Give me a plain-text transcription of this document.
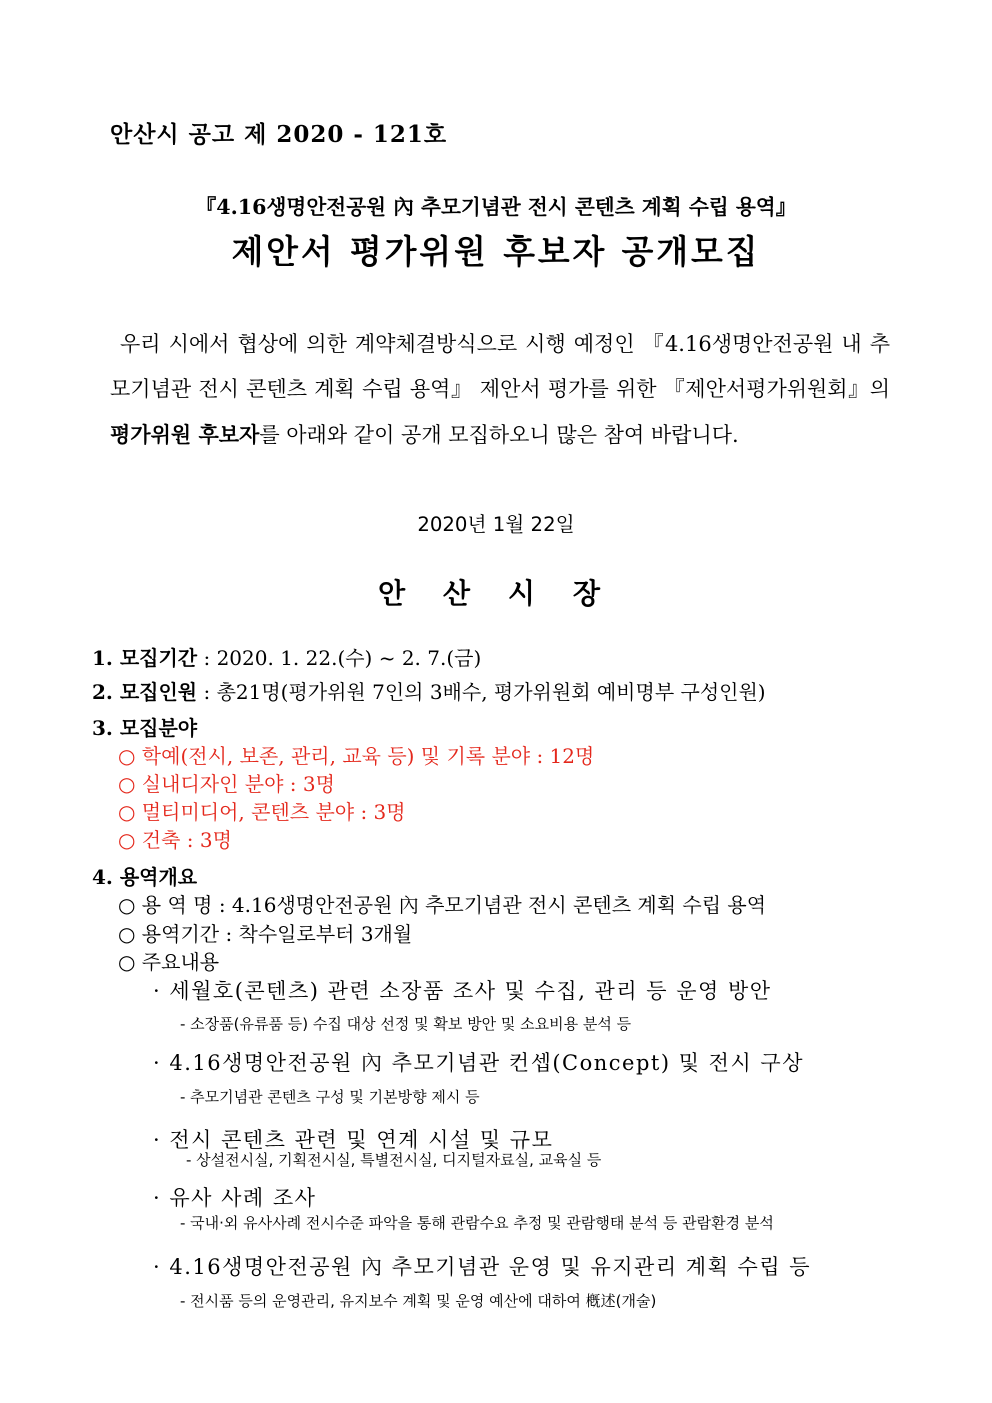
안산시 공고 제 2020 - 121호
『4.16생명안전공원 內 추모기념관 전시 콘텐츠 계획 수립 용역』
제안서 평가위원 후보자 공개모집
우리 시에서 협상에 의한 계약체결방식으로 시행 예정인 『4.16생명안전공원 내 추모기념관 전시 콘텐츠 계획 수립 용역』 제안서 평가를 위한 『제안서평가위원회』의 평가위원 후보자를 아래와 같이 공개 모집하오니 많은 참여 바랍니다.
2020년 1월 22일
안 산 시 장
1. 모집기간 : 2020. 1. 22.(수) ~ 2. 7.(금)
2. 모집인원 : 총21명(평가위원 7인의 3배수, 평가위원회 예비명부 구성인원)
3. 모집분야
○ 학예(전시, 보존, 관리, 교육 등) 및 기록 분야 : 12명
○ 실내디자인 분야 : 3명
○ 멀티미디어, 콘텐츠 분야 : 3명
○ 건축 : 3명
4. 용역개요
○ 용 역 명 : 4.16생명안전공원 內 추모기념관 전시 콘텐츠 계획 수립 용역
○ 용역기간 : 착수일로부터 3개월
○ 주요내용
· 세월호(콘텐츠) 관련 소장품 조사 및 수집, 관리 등 운영 방안
- 소장품(유류품 등) 수집 대상 선정 및 확보 방안 및 소요비용 분석 등
· 4.16생명안전공원 內 추모기념관 컨셉(Concept) 및 전시 구상
- 추모기념관 콘텐츠 구성 및 기본방향 제시 등
· 전시 콘텐츠 관련 및 연계 시설 및 규모
- 상설전시실, 기획전시실, 특별전시실, 디지털자료실, 교육실 등
· 유사 사례 조사
- 국내·외 유사사례 전시수준 파악을 통해 관람수요 추정 및 관람행태 분석 등 관람환경 분석
· 4.16생명안전공원 內 추모기념관 운영 및 유지관리 계획 수립 등
- 전시품 등의 운영관리, 유지보수 계획 및 운영 예산에 대하여 槪述(개술)
